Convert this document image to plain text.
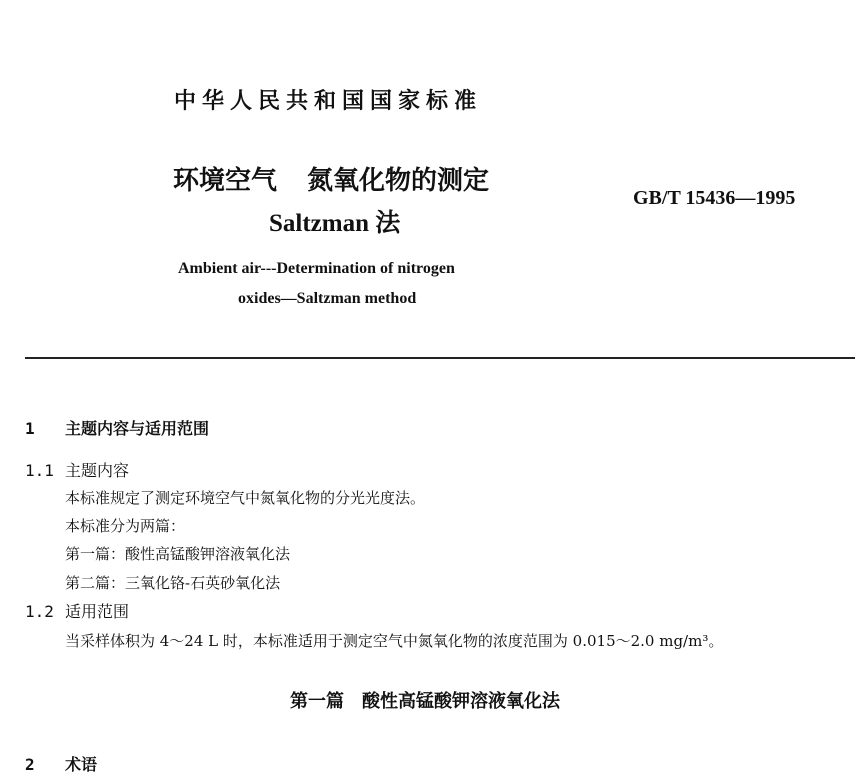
中华人民共和国国家标准
环境空气 氮氧化物的测定
Saltzman 法
GB/T 15436—1995
Ambient air---Determination of nitrogen
oxides—Saltzman method
1 主题内容与适用范围
1.1 主题内容
本标准规定了测定环境空气中氮氧化物的分光光度法。
本标准分为两篇：
第一篇：酸性高锰酸钾溶液氧化法
第二篇：三氧化铬-石英砂氧化法
1.2 适用范围
当采样体积为 4～24 L 时，本标准适用于测定空气中氮氧化物的浓度范围为 0.015～2.0 mg/m³。
第一篇 酸性高锰酸钾溶液氧化法
2 术语
